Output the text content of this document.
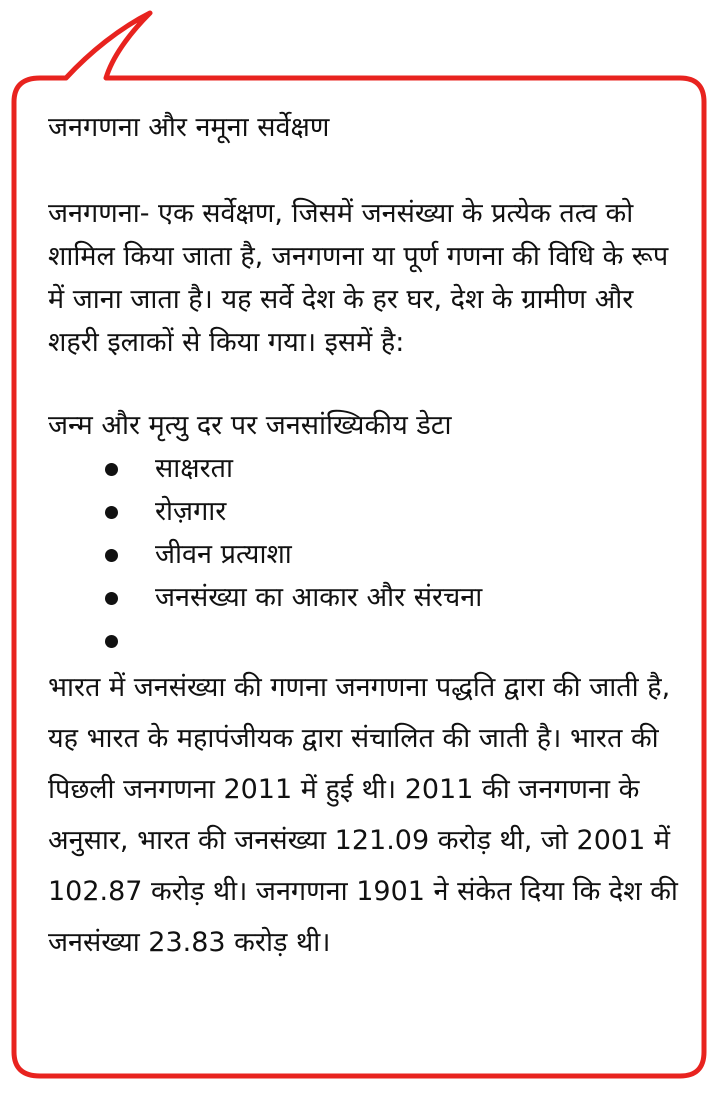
जनगणना और नमूना सर्वेक्षण
जनगणना- एक सर्वेक्षण, जिसमें जनसंख्या के प्रत्येक तत्व को शामिल किया जाता है, जनगणना या पूर्ण गणना की विधि के रूप में जाना जाता है। यह सर्वे देश के हर घर, देश के ग्रामीण और शहरी इलाकों से किया गया। इसमें है:
जन्म और मृत्यु दर पर जनसांख्यिकीय डेटा
साक्षरता
रोज़गार
जीवन प्रत्याशा
जनसंख्या का आकार और संरचना
भारत में जनसंख्या की गणना जनगणना पद्धति द्वारा की जाती है, यह भारत के महापंजीयक द्वारा संचालित की जाती है। भारत की पिछली जनगणना 2011 में हुई थी। 2011 की जनगणना के अनुसार, भारत की जनसंख्या 121.09 करोड़ थी, जो 2001 में 102.87 करोड़ थी। जनगणना 1901 ने संकेत दिया कि देश की जनसंख्या 23.83 करोड़ थी।
